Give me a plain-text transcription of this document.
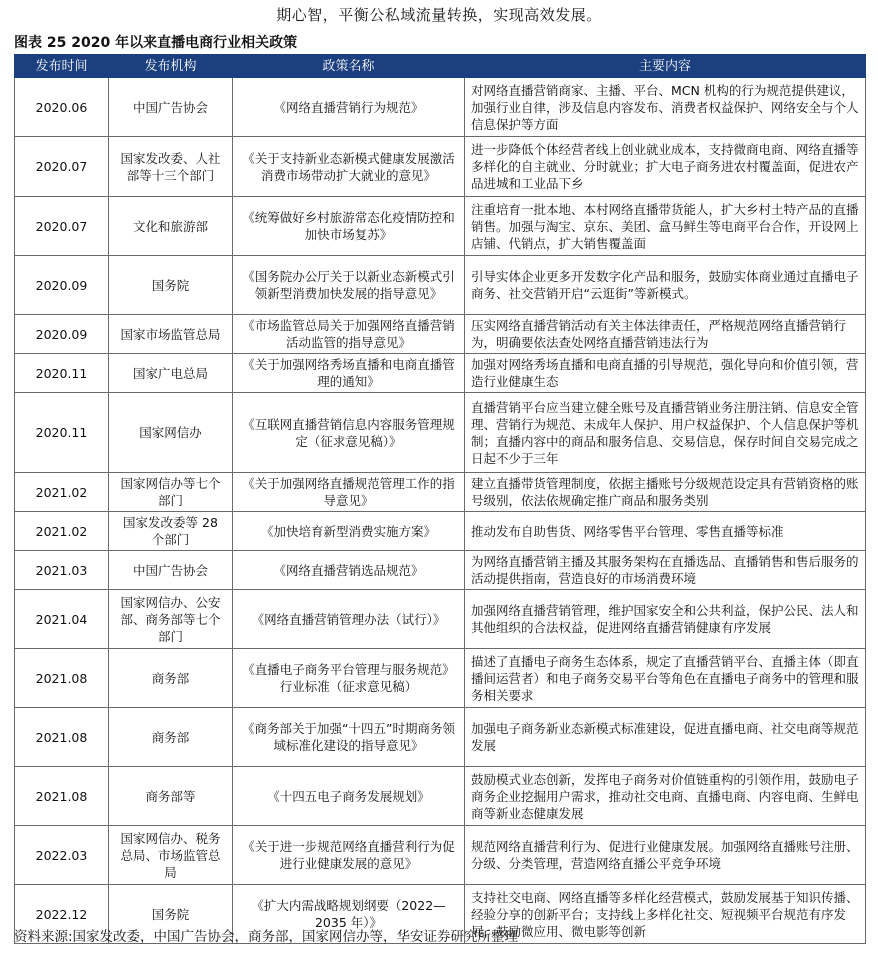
期心智，平衡公私域流量转换，实现高效发展。
图表 25 2020 年以来直播电商行业相关政策
发布时间	发布机构	政策名称	主要内容
2020.06	中国广告协会	《网络直播营销行为规范》	对网络直播营销商家、主播、平台、MCN 机构的行为规范提供建议，加强行业自律，涉及信息内容发布、消费者权益保护、网络安全与个人信息保护等方面
2020.07	国家发改委、人社部等十三个部门	《关于支持新业态新模式健康发展激活消费市场带动扩大就业的意见》	进一步降低个体经营者线上创业就业成本，支持微商电商、网络直播等多样化的自主就业、分时就业；扩大电子商务进农村覆盖面，促进农产品进城和工业品下乡
2020.07	文化和旅游部	《统筹做好乡村旅游常态化疫情防控和加快市场复苏》	注重培育一批本地、本村网络直播带货能人，扩大乡村土特产品的直播销售。加强与淘宝、京东、美团、盒马鲜生等电商平台合作，开设网上店铺、代销点，扩大销售覆盖面
2020.09	国务院	《国务院办公厅关于以新业态新模式引领新型消费加快发展的指导意见》	引导实体企业更多开发数字化产品和服务，鼓励实体商业通过直播电子商务、社交营销开启“云逛街”等新模式。
2020.09	国家市场监管总局	《市场监管总局关于加强网络直播营销活动监管的指导意见》	压实网络直播营销活动有关主体法律责任，严格规范网络直播营销行为，明确要依法查处网络直播营销违法行为
2020.11	国家广电总局	《关于加强网络秀场直播和电商直播管理的通知》	加强对网络秀场直播和电商直播的引导规范，强化导向和价值引领，营造行业健康生态
2020.11	国家网信办	《互联网直播营销信息内容服务管理规定（征求意见稿）》	直播营销平台应当建立健全账号及直播营销业务注册注销、信息安全管理、营销行为规范、未成年人保护、用户权益保护、个人信息保护等机制；直播内容中的商品和服务信息、交易信息，保存时间自交易完成之日起不少于三年
2021.02	国家网信办等七个部门	《关于加强网络直播规范管理工作的指导意见》	建立直播带货管理制度，依据主播账号分级规范设定具有营销资格的账号级别，依法依规确定推广商品和服务类别
2021.02	国家发改委等 28 个部门	《加快培育新型消费实施方案》	推动发布自助售货、网络零售平台管理、零售直播等标准
2021.03	中国广告协会	《网络直播营销选品规范》	为网络直播营销主播及其服务架构在直播选品、直播销售和售后服务的活动提供指南，营造良好的市场消费环境
2021.04	国家网信办、公安部、商务部等七个部门	《网络直播营销管理办法（试行）》	加强网络直播营销管理，维护国家安全和公共利益，保护公民、法人和其他组织的合法权益，促进网络直播营销健康有序发展
2021.08	商务部	《直播电子商务平台管理与服务规范》行业标准（征求意见稿）	描述了直播电子商务生态体系，规定了直播营销平台、直播主体（即直播间运营者）和电子商务交易平台等角色在直播电子商务中的管理和服务相关要求
2021.08	商务部	《商务部关于加强“十四五”时期商务领域标准化建设的指导意见》	加强电子商务新业态新模式标准建设，促进直播电商、社交电商等规范发展
2021.08	商务部等	《十四五电子商务发展规划》	鼓励模式业态创新，发挥电子商务对价值链重构的引领作用，鼓励电子商务企业挖掘用户需求，推动社交电商、直播电商、内容电商、生鲜电商等新业态健康发展
2022.03	国家网信办、税务总局、市场监管总局	《关于进一步规范网络直播营利行为促进行业健康发展的意见》	规范网络直播营利行为、促进行业健康发展。加强网络直播账号注册、分级、分类管理，营造网络直播公平竞争环境
2022.12	国务院	《扩大内需战略规划纲要（2022—2035 年）》	支持社交电商、网络直播等多样化经营模式，鼓励发展基于知识传播、经验分享的创新平台；支持线上多样化社交、短视频平台规范有序发展，鼓励微应用、微电影等创新
资料来源:国家发改委，中国广告协会，商务部，国家网信办等，华安证券研究所整理
